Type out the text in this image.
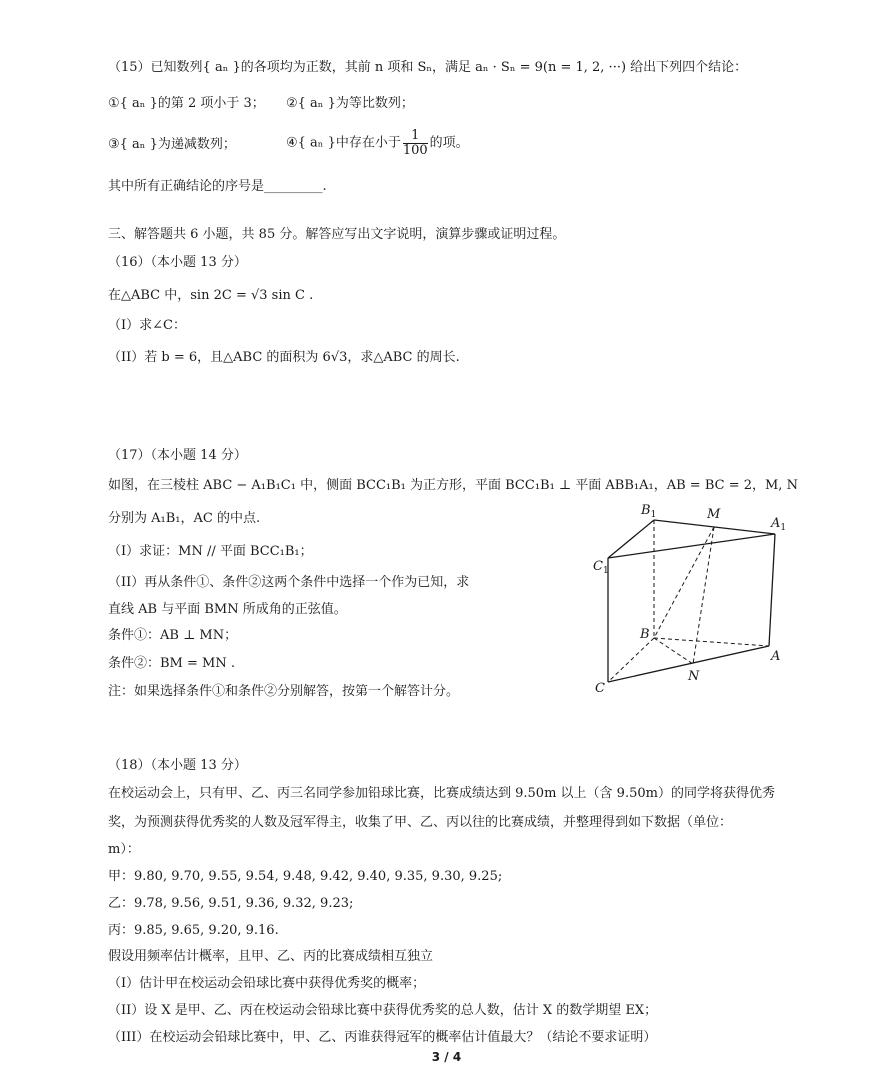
（15）已知数列{ aₙ }的各项均为正数，其前 n 项和 Sₙ，满足 aₙ · Sₙ = 9(n = 1, 2, ···) 给出下列四个结论：
①{ aₙ }的第 2 项小于 3； ②{ aₙ }为等比数列；
③{ aₙ }为递减数列；	④{ aₙ }中存在小于 $\frac{1}{100}$ 的项。
其中所有正确结论的序号是_________.
三、解答题共 6 小题，共 85 分。解答应写出文字说明，演算步骤或证明过程。
（16）（本小题 13 分）
在△ABC 中，sin 2C = √3 sin C .
（I）求∠C：
（II）若 b = 6，且△ABC 的面积为 6√3，求△ABC 的周长.
（17）（本小题 14 分）
如图，在三棱柱 ABC − A₁B₁C₁ 中，侧面 BCC₁B₁ 为正方形，平面 BCC₁B₁ ⊥ 平面 ABB₁A₁，AB = BC = 2，M, N
分别为 A₁B₁，AC 的中点.
（I）求证：MN // 平面 BCC₁B₁；
（II）再从条件①、条件②这两个条件中选择一个作为已知，求
直线 AB 与平面 BMN 所成角的正弦值。
条件①：AB ⊥ MN；
条件②：BM = MN .
注：如果选择条件①和条件②分别解答，按第一个解答计分。
$B_1$	M
$A_1$
$C_1$
B
A
N
C
（18）（本小题 13 分）
在校运动会上，只有甲、乙、丙三名同学参加铅球比赛，比赛成绩达到 9.50m 以上（含 9.50m）的同学将获得优秀
奖，为预测获得优秀奖的人数及冠军得主，收集了甲、乙、丙以往的比赛成绩，并整理得到如下数据（单位：
m）：
甲：9.80, 9.70, 9.55, 9.54, 9.48, 9.42, 9.40, 9.35, 9.30, 9.25;
乙：9.78, 9.56, 9.51, 9.36, 9.32, 9.23;
丙：9.85, 9.65, 9.20, 9.16.
假设用频率估计概率，且甲、乙、丙的比赛成绩相互独立
（I）估计甲在校运动会铅球比赛中获得优秀奖的概率；
（II）设 X 是甲、乙、丙在校运动会铅球比赛中获得优秀奖的总人数，估计 X 的数学期望 EX；
（III）在校运动会铅球比赛中，甲、乙、丙谁获得冠军的概率估计值最大？（结论不要求证明）
3 / 4
